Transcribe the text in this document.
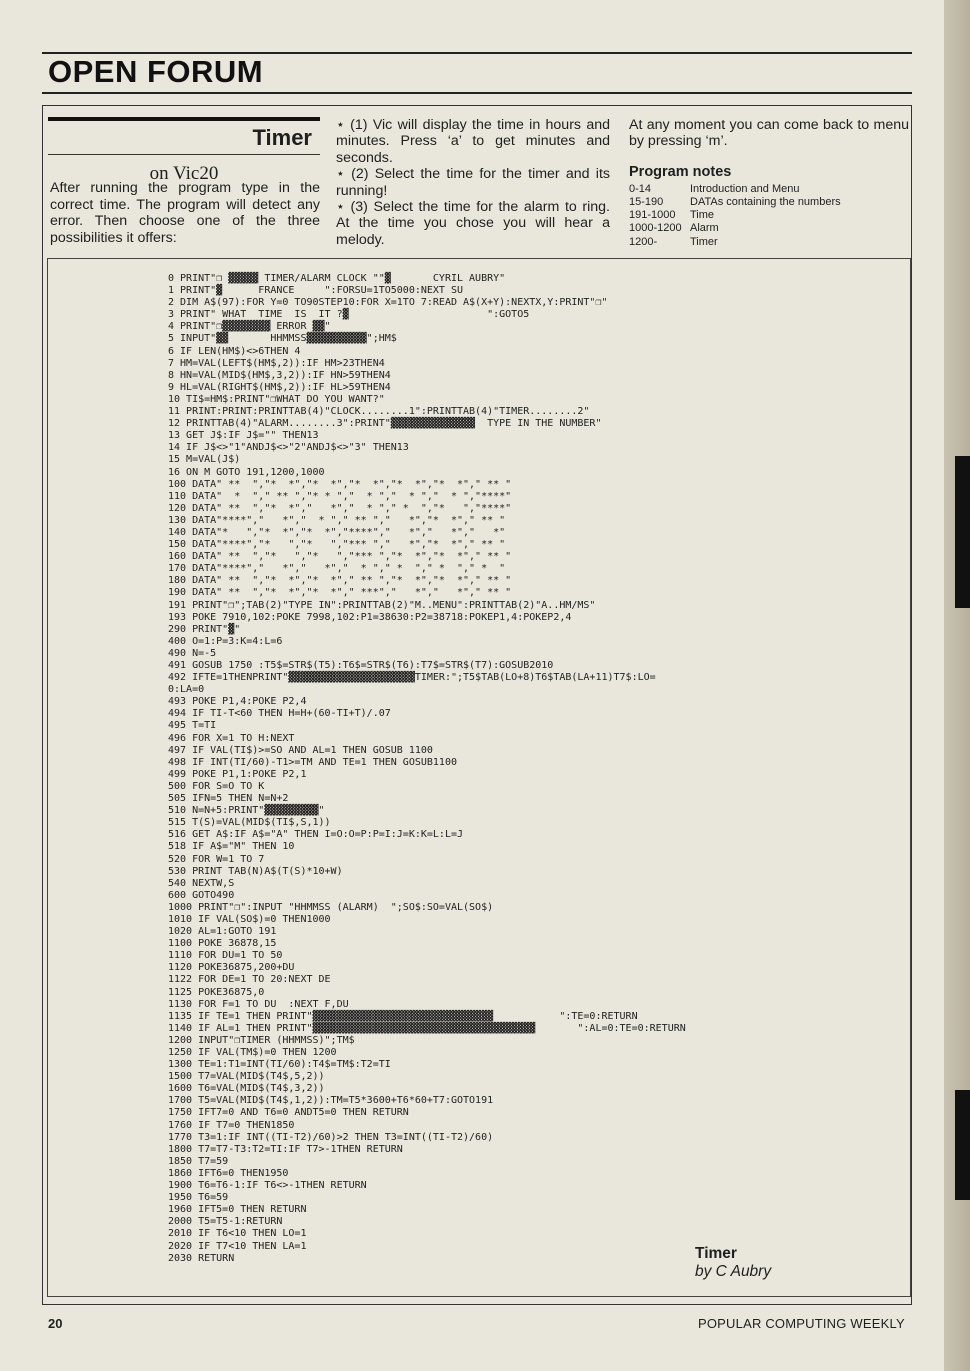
OPEN FORUM
Timer
on Vic20

After running the program type in the correct time. The program will detect any error. Then choose one of the three possibilities it offers:

⋆ (1) Vic will display the time in hours and minutes. Press ‘a’ to get minutes and seconds.

⋆ (2) Select the time for the timer and its running!

⋆ (3) Select the time for the alarm to ring. At the time you chose you will hear a melody.

At any moment you can come back to menu by pressing ‘m’.

Program notes
0-14	Introduction and Menu
15-190	DATAs containing the numbers
191-1000	Time
1000-1200 Alarm
1200-	Timer
0 PRINT"❐ ▓▓▓▓▓ TIMER/ALARM CLOCK ""▓       CYRIL AUBRY"
1 PRINT"▓      FRANCE     ":FORSU=1TO5000:NEXT SU
2 DIM A$(97):FOR Y=0 TO90STEP10:FOR X=1TO 7:READ A$(X+Y):NEXTX,Y:PRINT"❐"
3 PRINT" WHAT  TIME  IS  IT ?▓                       ":GOTO5
4 PRINT"❐▓▓▓▓▓▓▓▓ ERROR ▓▓"
5 INPUT"▓▓       HHMMSS▓▓▓▓▓▓▓▓▓▓";HM$
6 IF LEN(HM$)<>6THEN 4
7 HM=VAL(LEFT$(HM$,2)):IF HM>23THEN4
8 HN=VAL(MID$(HM$,3,2)):IF HN>59THEN4
9 HL=VAL(RIGHT$(HM$,2)):IF HL>59THEN4
10 TI$=HM$:PRINT"❐WHAT DO YOU WANT?"
11 PRINT:PRINT:PRINTTAB(4)"CLOCK........1":PRINTTAB(4)"TIMER........2"
12 PRINTTAB(4)"ALARM........3":PRINT"▓▓▓▓▓▓▓▓▓▓▓▓▓▓  TYPE IN THE NUMBER"
13 GET J$:IF J$="" THEN13
14 IF J$<>"1"ANDJ$<>"2"ANDJ$<>"3" THEN13
15 M=VAL(J$)
16 ON M GOTO 191,1200,1000
100 DATA" **  ","*  *","*  *","*  *","*  *","*  *"," ** "
110 DATA"  *  "," ** ","* * ","  * ","  * ","  * ","****"
120 DATA" **  ","*  *","   *","  * "," *  ","*   ","****"
130 DATA"****","   *","  * "," ** ","   *","*  *"," ** "
140 DATA"*   ","*  *","*  *","****","   *","   *","   *"
150 DATA"****","*   ","*   ","*** ","   *","*  *"," ** "
160 DATA" **  ","*   ","*   ","*** ","*  *","*  *"," ** "
170 DATA"****","   *","   *","  * "," *  "," *  "," *  "
180 DATA" **  ","*  *","*  *"," ** ","*  *","*  *"," ** "
190 DATA" **  ","*  *","*  *"," ***","   *","   *"," ** "
191 PRINT"❐";TAB(2)"TYPE IN":PRINTTAB(2)"M..MENU":PRINTTAB(2)"A..HM/MS"
193 POKE 7910,102:POKE 7998,102:P1=38630:P2=38718:POKEP1,4:POKEP2,4
290 PRINT"▓"
400 O=1:P=3:K=4:L=6
490 N=-5
491 GOSUB 1750 :T5$=STR$(T5):T6$=STR$(T6):T7$=STR$(T7):GOSUB2010
492 IFTE=1THENPRINT"▓▓▓▓▓▓▓▓▓▓▓▓▓▓▓▓▓▓▓▓▓TIMER:";T5$TAB(LO+8)T6$TAB(LA+11)T7$:LO=
0:LA=0
493 POKE P1,4:POKE P2,4
494 IF TI-T<60 THEN H=H+(60-TI+T)/.07
495 T=TI
496 FOR X=1 TO H:NEXT
497 IF VAL(TI$)>=SO AND AL=1 THEN GOSUB 1100
498 IF INT(TI/60)-T1>=TM AND TE=1 THEN GOSUB1100
499 POKE P1,1:POKE P2,1
500 FOR S=O TO K
505 IFN=5 THEN N=N+2
510 N=N+5:PRINT"▓▓▓▓▓▓▓▓▓"
515 T(S)=VAL(MID$(TI$,S,1))
516 GET A$:IF A$="A" THEN I=O:O=P:P=I:J=K:K=L:L=J
518 IF A$="M" THEN 10
520 FOR W=1 TO 7
530 PRINT TAB(N)A$(T(S)*10+W)
540 NEXTW,S
600 GOTO490
1000 PRINT"❐":INPUT "HHMMSS (ALARM)  ";SO$:SO=VAL(SO$)
1010 IF VAL(SO$)=0 THEN1000
1020 AL=1:GOTO 191
1100 POKE 36878,15
1110 FOR DU=1 TO 50
1120 POKE36875,200+DU
1122 FOR DE=1 TO 20:NEXT DE
1125 POKE36875,0
1130 FOR F=1 TO DU  :NEXT F,DU
1135 IF TE=1 THEN PRINT"▓▓▓▓▓▓▓▓▓▓▓▓▓▓▓▓▓▓▓▓▓▓▓▓▓▓▓▓▓▓           ":TE=0:RETURN
1140 IF AL=1 THEN PRINT"▓▓▓▓▓▓▓▓▓▓▓▓▓▓▓▓▓▓▓▓▓▓▓▓▓▓▓▓▓▓▓▓▓▓▓▓▓       ":AL=0:TE=0:RETURN
1200 INPUT"❐TIMER (HHMMSS)";TM$
1250 IF VAL(TM$)=0 THEN 1200
1300 TE=1:T1=INT(TI/60):T4$=TM$:T2=TI
1500 T7=VAL(MID$(T4$,5,2))
1600 T6=VAL(MID$(T4$,3,2))
1700 T5=VAL(MID$(T4$,1,2)):TM=T5*3600+T6*60+T7:GOTO191
1750 IFT7=0 AND T6=0 ANDT5=0 THEN RETURN
1760 IF T7=0 THEN1850
1770 T3=1:IF INT((TI-T2)/60)>2 THEN T3=INT((TI-T2)/60)
1800 T7=T7-T3:T2=TI:IF T7>-1THEN RETURN
1850 T7=59
1860 IFT6=0 THEN1950
1900 T6=T6-1:IF T6<>-1THEN RETURN
1950 T6=59
1960 IFT5=0 THEN RETURN
2000 T5=T5-1:RETURN
2010 IF T6<10 THEN LO=1
2020 IF T7<10 THEN LA=1
2030 RETURN	Timer
by C Aubry
20	POPULAR COMPUTING WEEKLY
